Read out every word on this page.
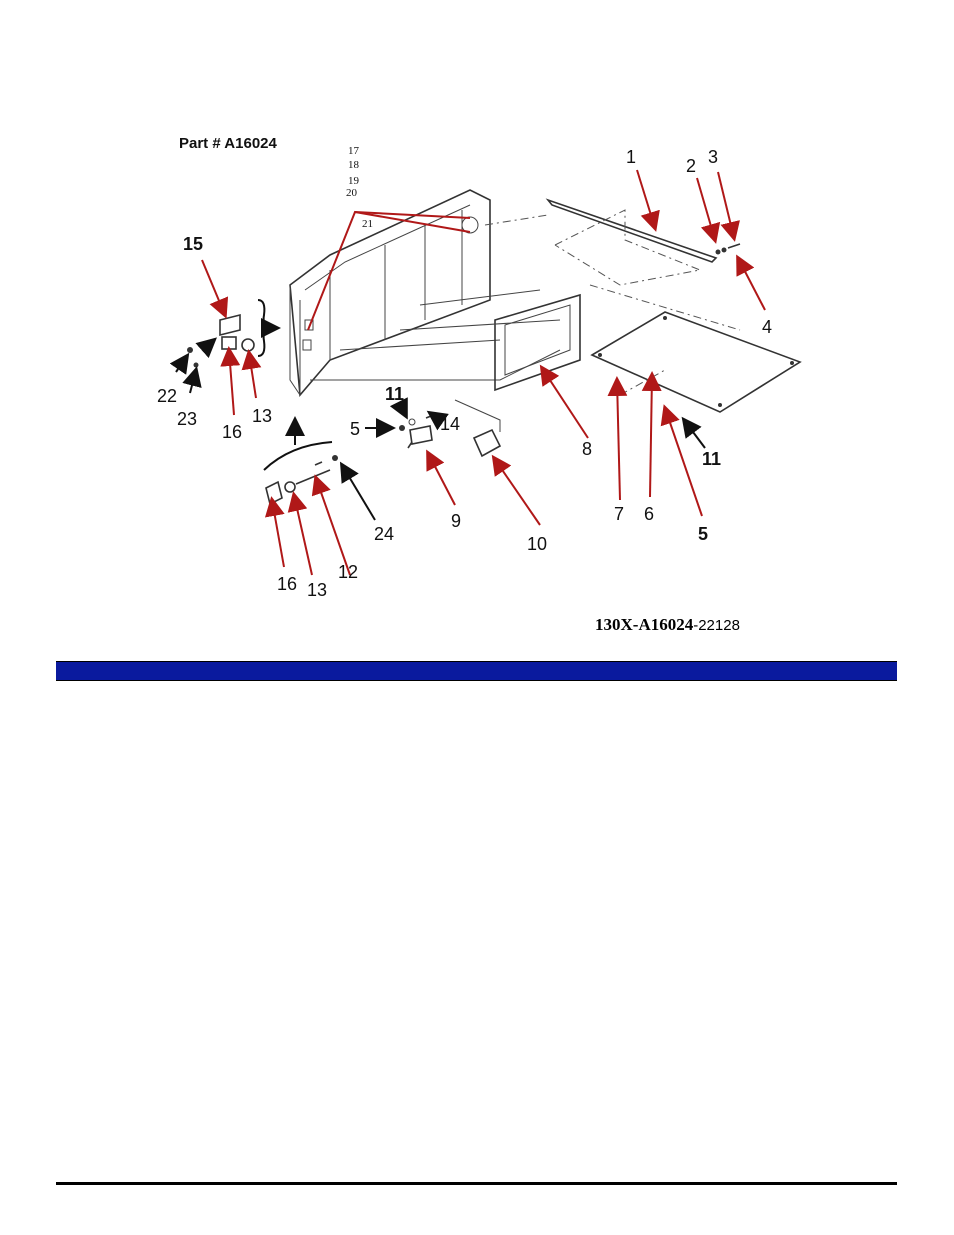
Part # A16024
1	2 3
4
8
7 6
5
11
9
10
11
14
5
15
22
23
16
13
24
12
16 13
17
18
19
20
21
130X-A16024-22128
